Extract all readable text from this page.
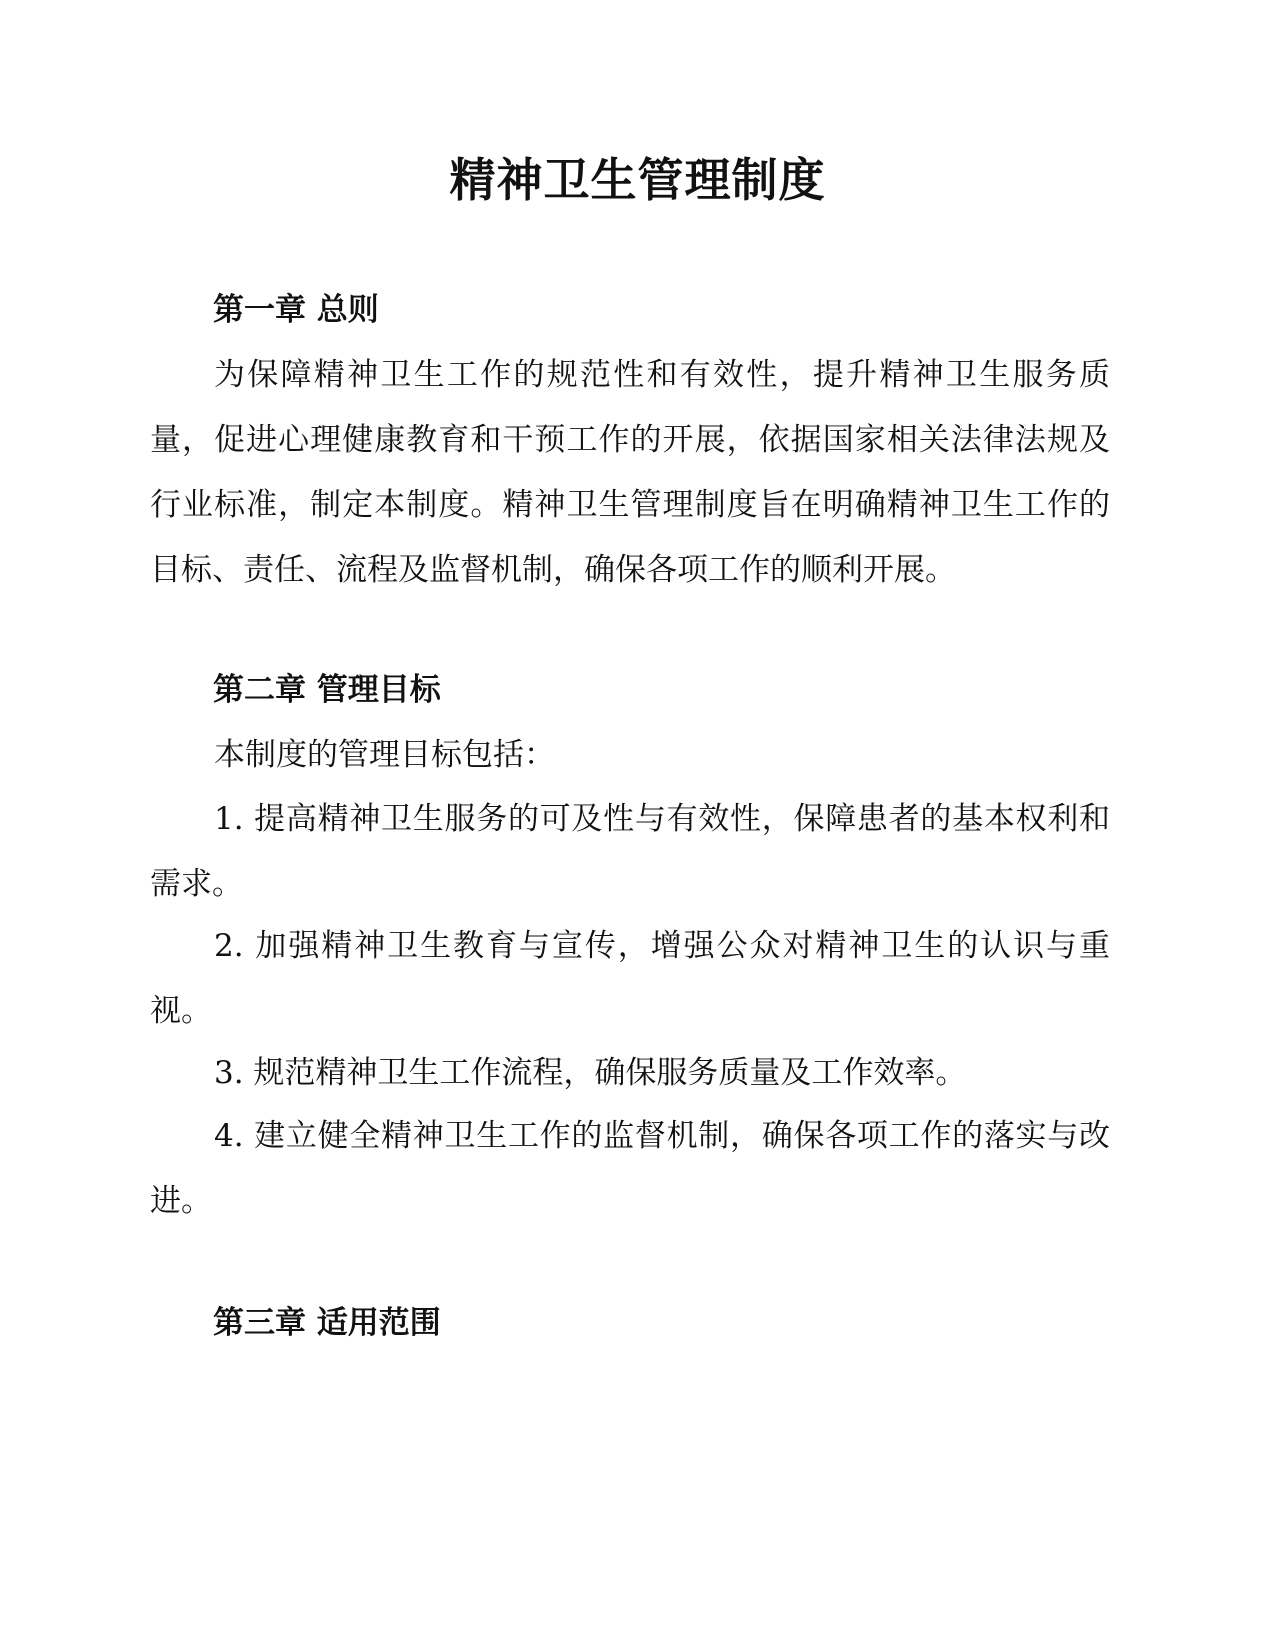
精神卫生管理制度
第一章 总则

为保障精神卫生工作的规范性和有效性，提升精神卫生服务质量，促进心理健康教育和干预工作的开展，依据国家相关法律法规及行业标准，制定本制度。精神卫生管理制度旨在明确精神卫生工作的目标、责任、流程及监督机制，确保各项工作的顺利开展。

第二章 管理目标

本制度的管理目标包括：

1. 提高精神卫生服务的可及性与有效性，保障患者的基本权利和需求。

2. 加强精神卫生教育与宣传，增强公众对精神卫生的认识与重视。

3. 规范精神卫生工作流程，确保服务质量及工作效率。

4. 建立健全精神卫生工作的监督机制，确保各项工作的落实与改进。

第三章 适用范围
